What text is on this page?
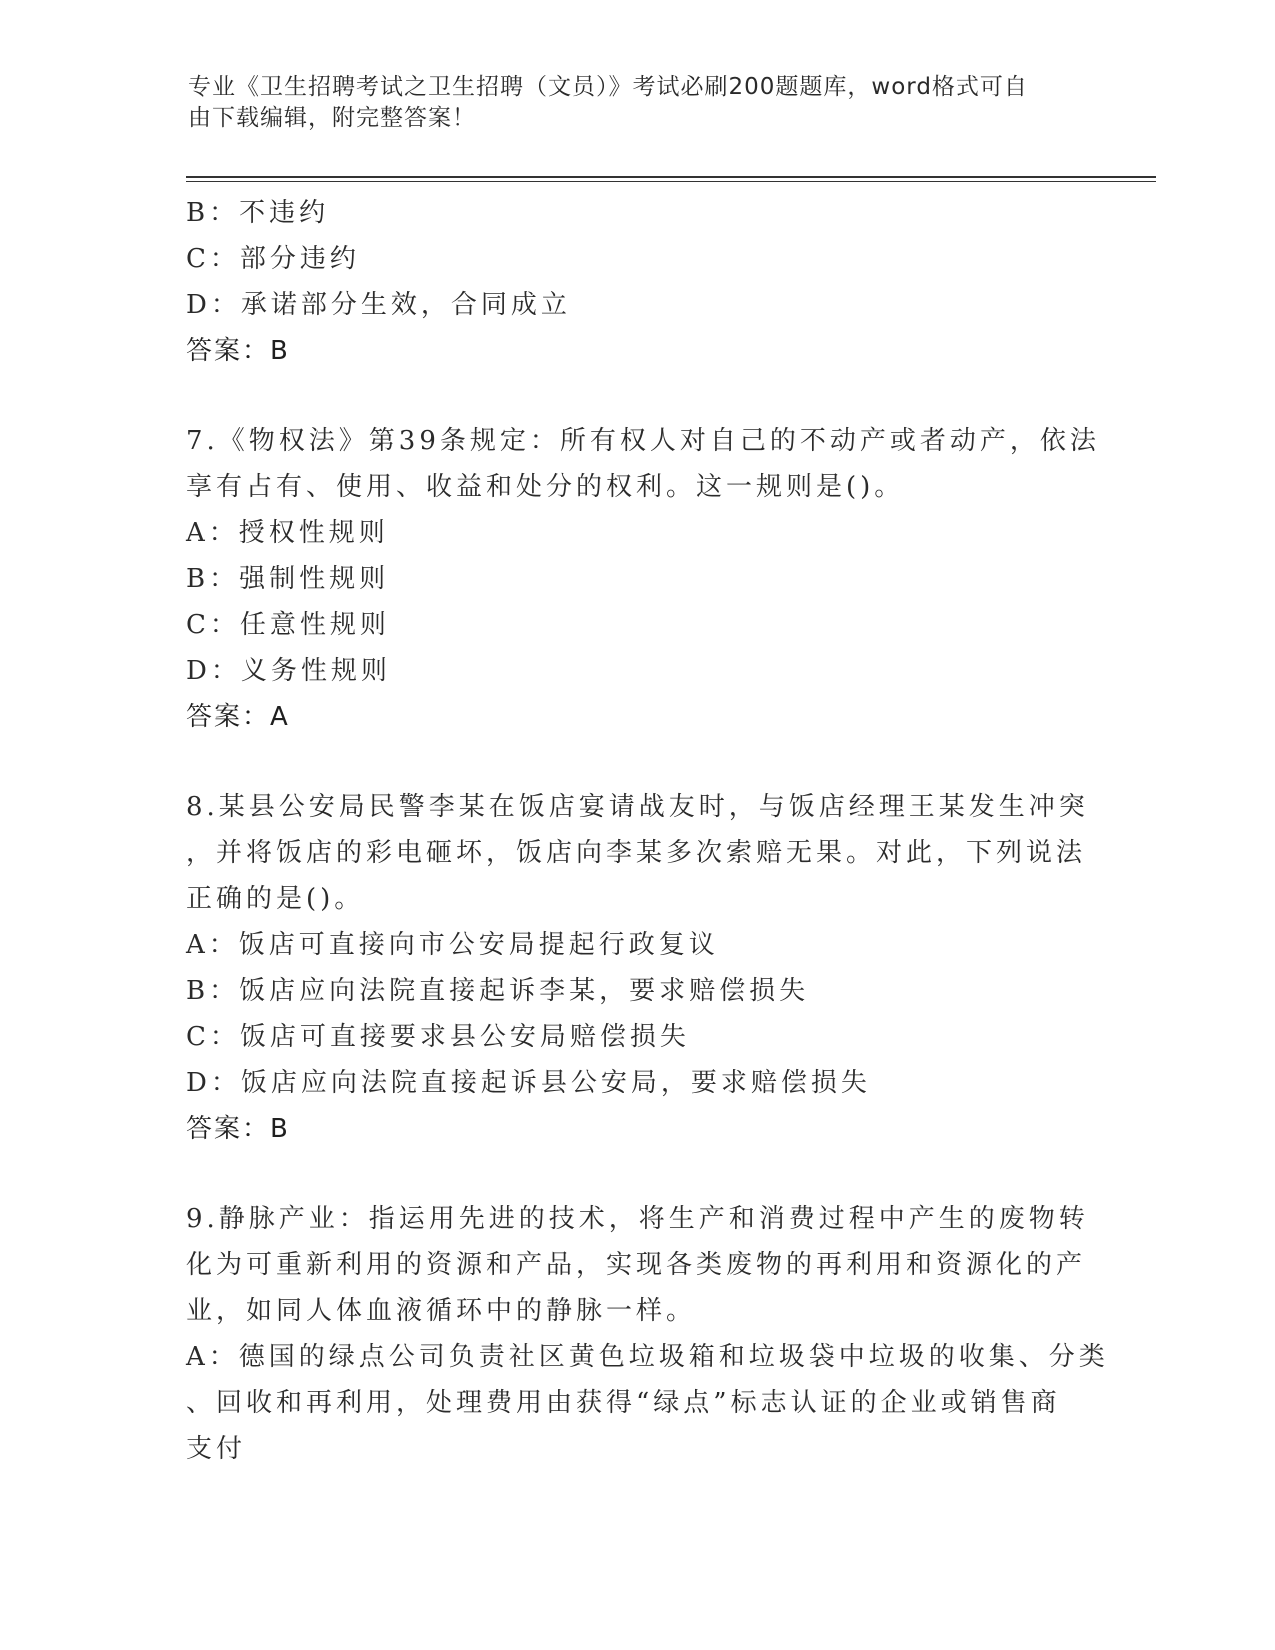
专业《卫生招聘考试之卫生招聘（文员）》考试必刷200题题库，word格式可自
由下载编辑，附完整答案！
B：不违约
C：部分违约
D：承诺部分生效，合同成立
答案：B
7.《物权法》第39条规定：所有权人对自己的不动产或者动产，依法
享有占有、使用、收益和处分的权利。这一规则是()。
A：授权性规则
B：强制性规则
C：任意性规则
D：义务性规则
答案：A
8.某县公安局民警李某在饭店宴请战友时，与饭店经理王某发生冲突
，并将饭店的彩电砸坏，饭店向李某多次索赔无果。对此，下列说法
正确的是()。
A：饭店可直接向市公安局提起行政复议
B：饭店应向法院直接起诉李某，要求赔偿损失
C：饭店可直接要求县公安局赔偿损失
D：饭店应向法院直接起诉县公安局，要求赔偿损失
答案：B
9.静脉产业：指运用先进的技术，将生产和消费过程中产生的废物转
化为可重新利用的资源和产品，实现各类废物的再利用和资源化的产
业，如同人体血液循环中的静脉一样。
A：德国的绿点公司负责社区黄色垃圾箱和垃圾袋中垃圾的收集、分类
、回收和再利用，处理费用由获得“绿点”标志认证的企业或销售商
支付
